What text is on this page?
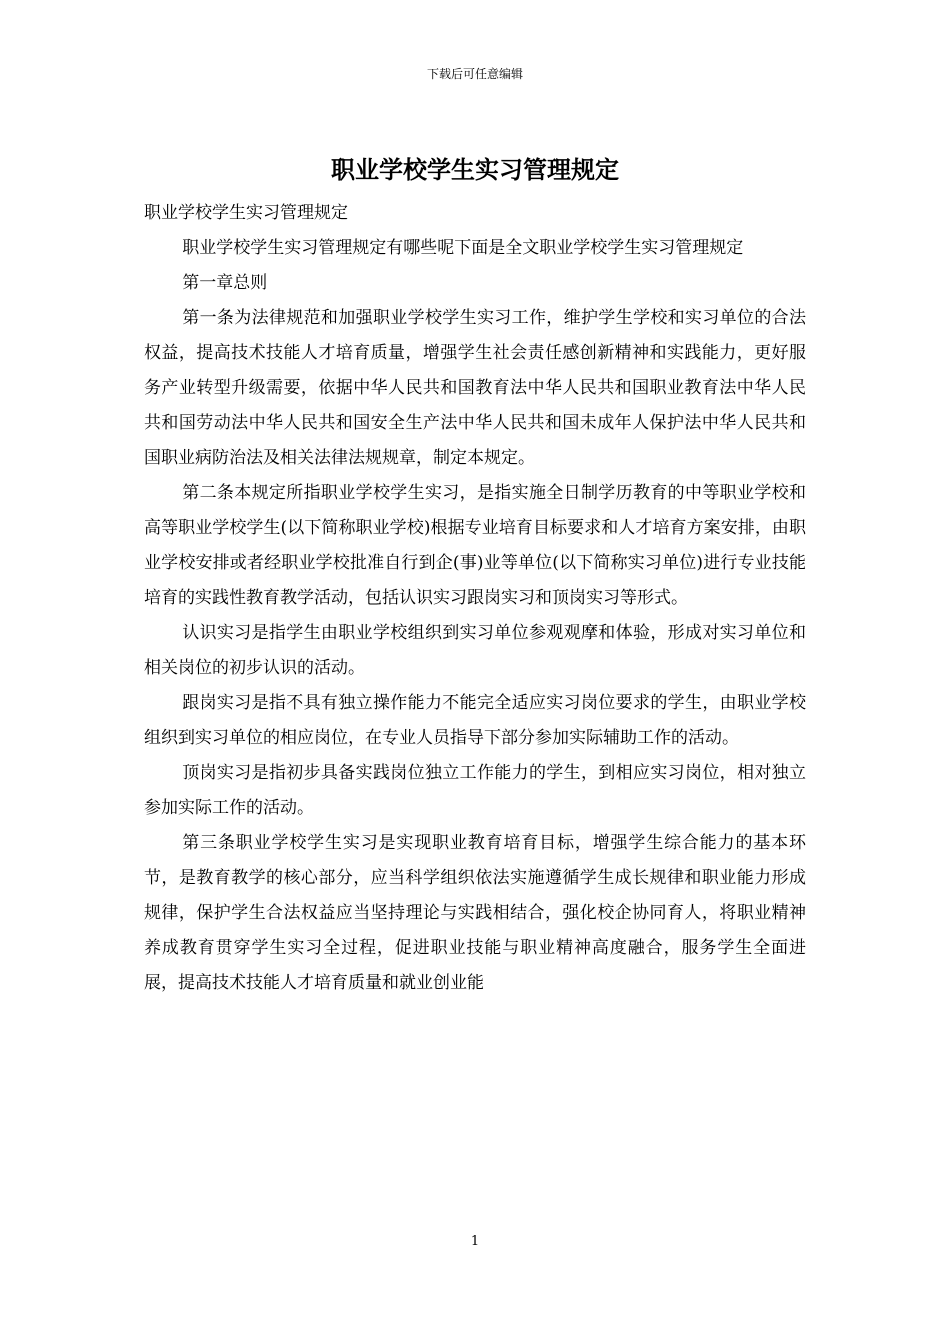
下载后可任意编辑
职业学校学生实习管理规定

职业学校学生实习管理规定

职业学校学生实习管理规定有哪些呢下面是全文职业学校学生实习管理规定

第一章总则

第一条为法律规范和加强职业学校学生实习工作，维护学生学校和实习单位的合法权益，提高技术技能人才培育质量，增强学生社会责任感创新精神和实践能力，更好服务产业转型升级需要，依据中华人民共和国教育法中华人民共和国职业教育法中华人民共和国劳动法中华人民共和国安全生产法中华人民共和国未成年人保护法中华人民共和国职业病防治法及相关法律法规规章，制定本规定。

第二条本规定所指职业学校学生实习，是指实施全日制学历教育的中等职业学校和高等职业学校学生(以下简称职业学校)根据专业培育目标要求和人才培育方案安排，由职业学校安排或者经职业学校批准自行到企(事)业等单位(以下简称实习单位)进行专业技能培育的实践性教育教学活动，包括认识实习跟岗实习和顶岗实习等形式。

认识实习是指学生由职业学校组织到实习单位参观观摩和体验，形成对实习单位和相关岗位的初步认识的活动。

跟岗实习是指不具有独立操作能力不能完全适应实习岗位要求的学生，由职业学校组织到实习单位的相应岗位，在专业人员指导下部分参加实际辅助工作的活动。

顶岗实习是指初步具备实践岗位独立工作能力的学生，到相应实习岗位，相对独立参加实际工作的活动。

第三条职业学校学生实习是实现职业教育培育目标，增强学生综合能力的基本环节，是教育教学的核心部分，应当科学组织依法实施遵循学生成长规律和职业能力形成规律，保护学生合法权益应当坚持理论与实践相结合，强化校企协同育人，将职业精神养成教育贯穿学生实习全过程，促进职业技能与职业精神高度融合，服务学生全面进展，提高技术技能人才培育质量和就业创业能

1
